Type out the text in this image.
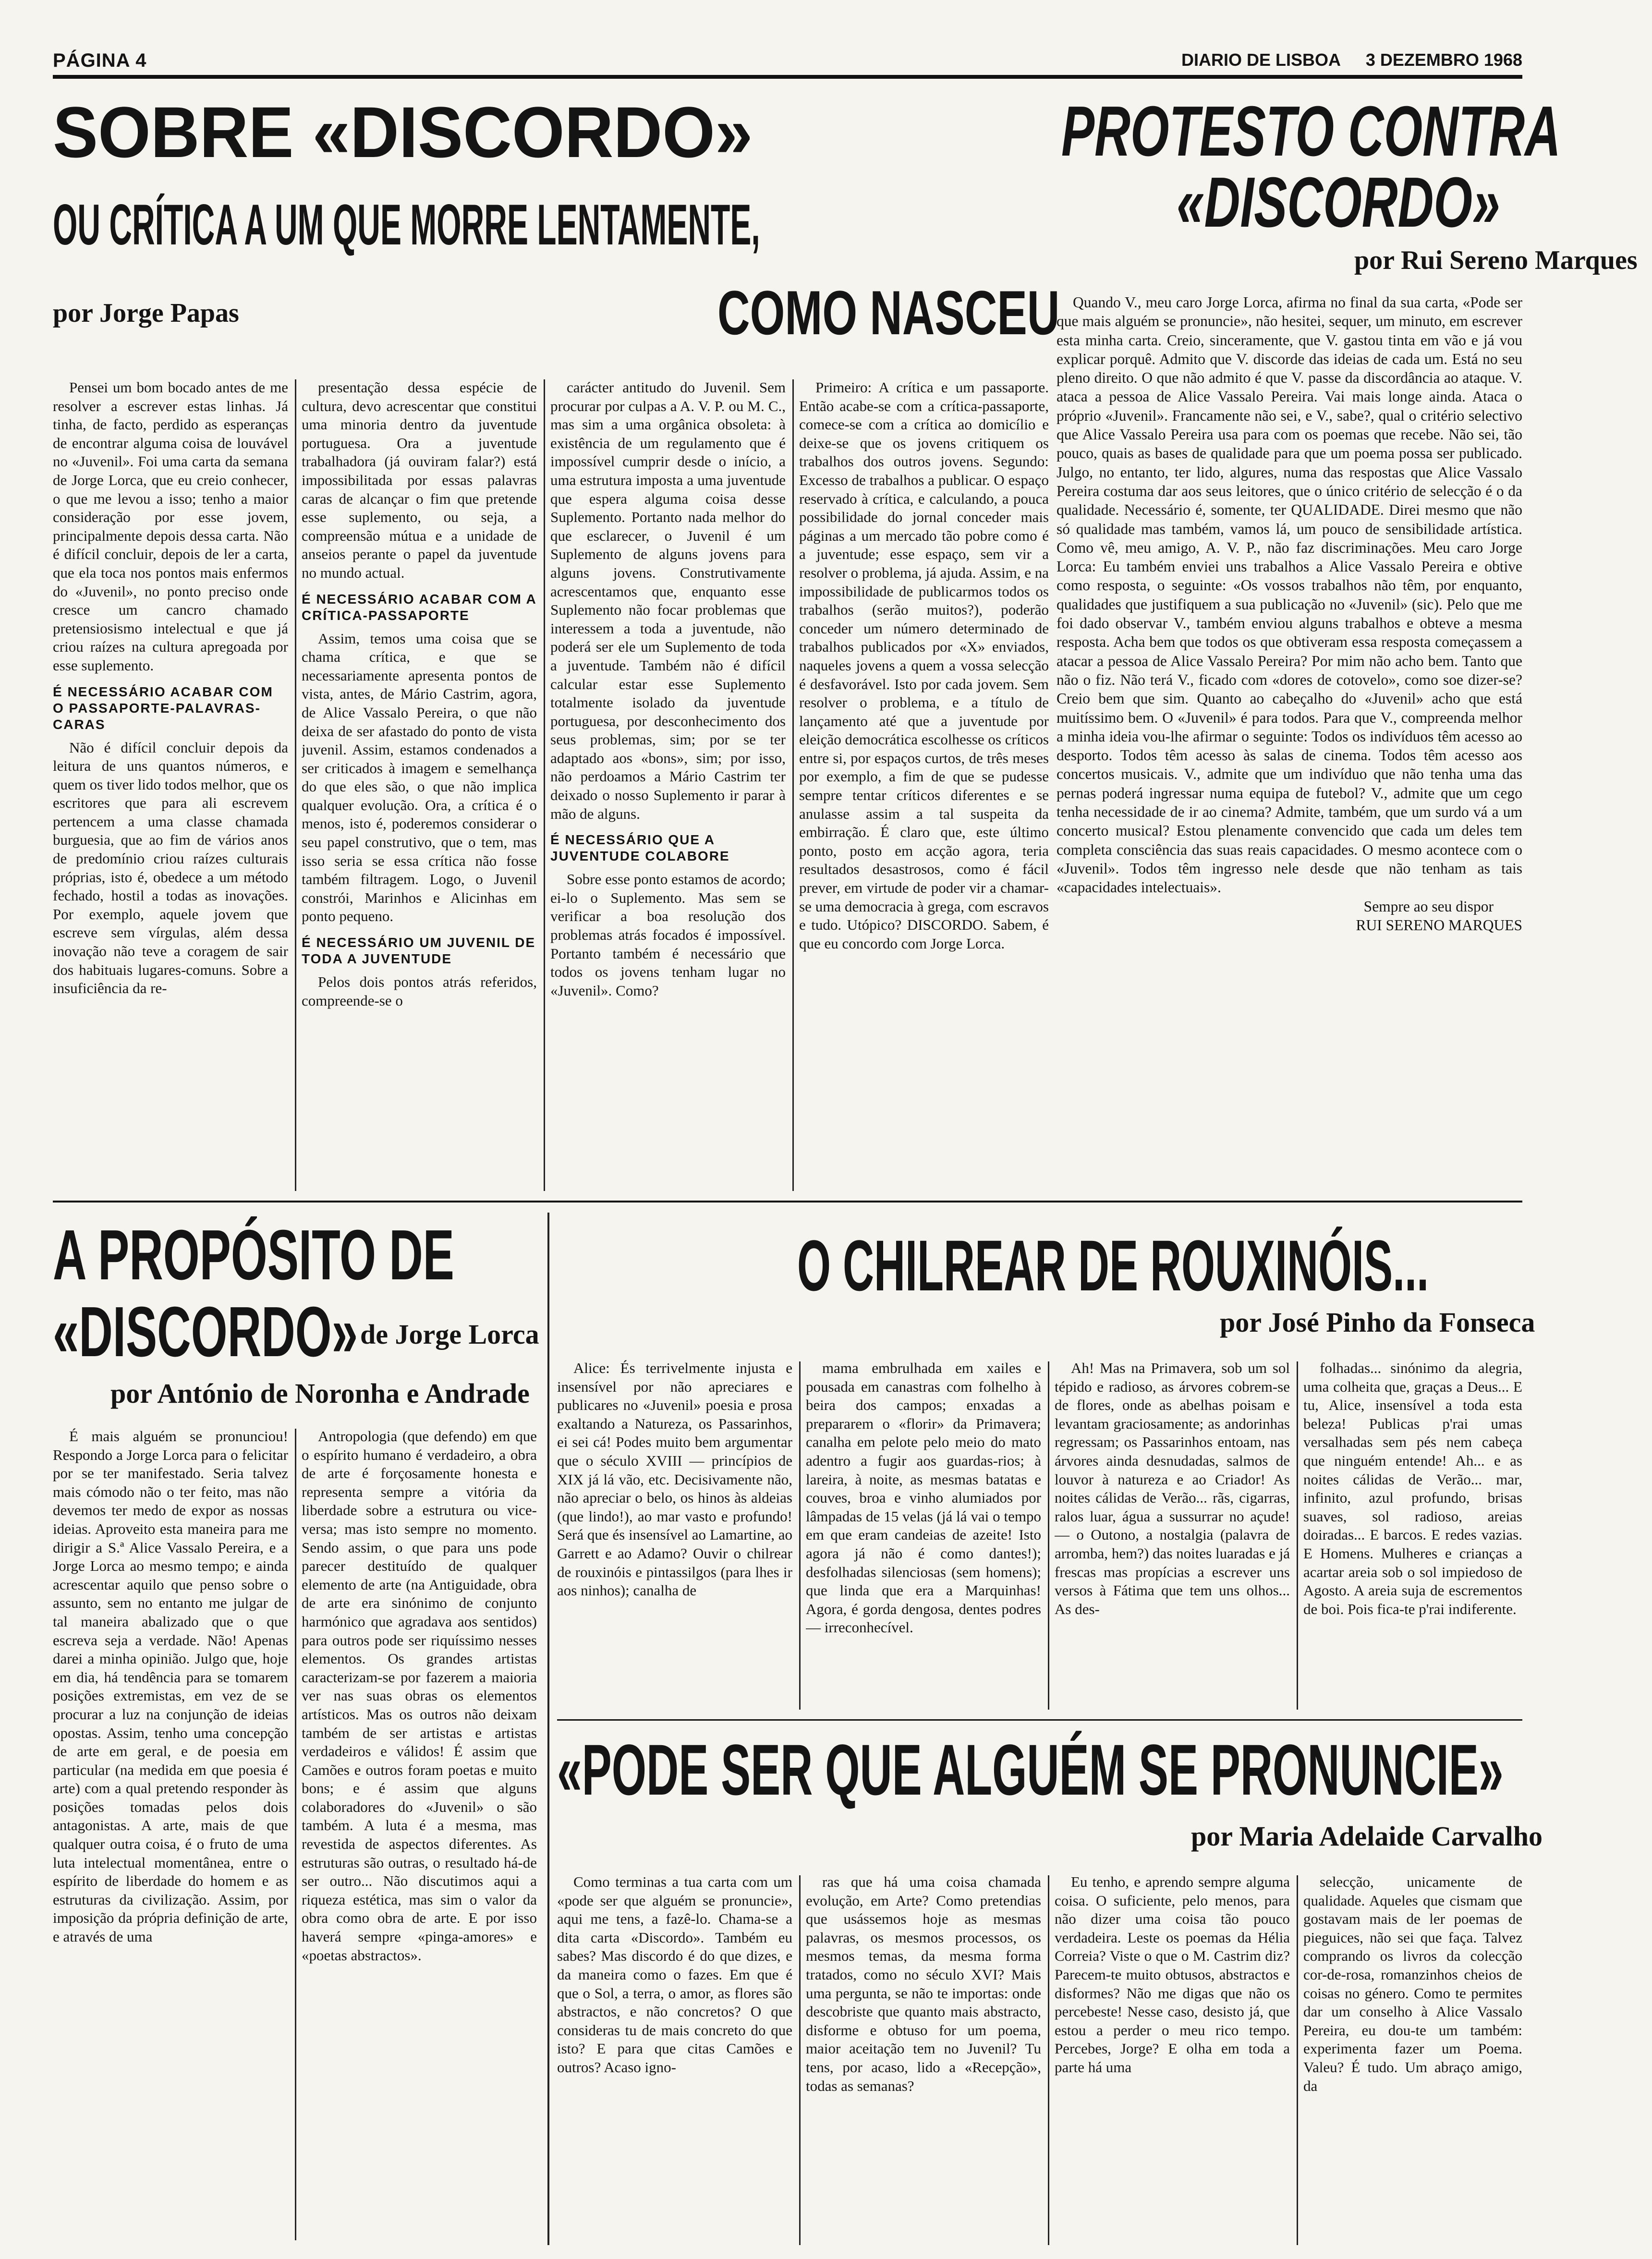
PÁGINA 4	DIARIO DE LISBOA 3 DEZEMBRO 1968
SOBRE «DISCORDO»
OU CRÍTICA A UM QUE MORRE LENTAMENTE,
por Jorge Papas	COMO NASCEU

Pensei um bom bocado antes de me resolver a escrever estas linhas. Já tinha, de facto, perdido as esperanças de encontrar alguma coisa de louvável no «Juvenil». Foi uma carta da semana de Jorge Lorca, que eu creio conhecer, o que me levou a isso; tenho a maior consideração por esse jovem, principalmente depois dessa carta. Não é difícil concluir, depois de ler a carta, que ela toca nos pontos mais enfermos do «Juvenil», no ponto preciso onde cresce um cancro chamado pretensiosismo intelectual e que já criou raízes na cultura apregoada por esse suplemento.

É NECESSÁRIO ACABAR COM O PASSAPORTE-PALAVRAS-CARAS

Não é difícil concluir depois da leitura de uns quantos números, e quem os tiver lido todos melhor, que os escritores que para ali escrevem pertencem a uma classe chamada burguesia, que ao fim de vários anos de predomínio criou raízes culturais próprias, isto é, obedece a um método fechado, hostil a todas as inovações. Por exemplo, aquele jovem que escreve sem vírgulas, além dessa inovação não teve a coragem de sair dos habituais lugares-comuns. Sobre a insuficiência da re-

presentação dessa espécie de cultura, devo acrescentar que constitui uma minoria dentro da juventude portuguesa. Ora a juventude trabalhadora (já ouviram falar?) está impossibilitada por essas palavras caras de alcançar o fim que pretende esse suplemento, ou seja, a compreensão mútua e a unidade de anseios perante o papel da juventude no mundo actual.

É NECESSÁRIO ACABAR COM A CRÍTICA-PASSAPORTE

Assim, temos uma coisa que se chama crítica, e que se necessariamente apresenta pontos de vista, antes, de Mário Castrim, agora, de Alice Vassalo Pereira, o que não deixa de ser afastado do ponto de vista juvenil. Assim, estamos condenados a ser criticados à imagem e semelhança do que eles são, o que não implica qualquer evolução. Ora, a crítica é o menos, isto é, poderemos considerar o seu papel construtivo, que o tem, mas isso seria se essa crítica não fosse também filtragem. Logo, o Juvenil constrói, Marinhos e Alicinhas em ponto pequeno.

É NECESSÁRIO UM JUVENIL DE TODA A JUVENTUDE

Pelos dois pontos atrás referidos, compreende-se o

carácter antitudo do Juvenil. Sem procurar por culpas a A. V. P. ou M. C., mas sim a uma orgânica obsoleta: à existência de um regulamento que é impossível cumprir desde o início, a uma estrutura imposta a uma juventude que espera alguma coisa desse Suplemento. Portanto nada melhor do que esclarecer, o Juvenil é um Suplemento de alguns jovens para alguns jovens. Construtivamente acrescentamos que, enquanto esse Suplemento não focar problemas que interessem a toda a juventude, não poderá ser ele um Suplemento de toda a juventude. Também não é difícil calcular estar esse Suplemento totalmente isolado da juventude portuguesa, por desconhecimento dos seus problemas, sim; por se ter adaptado aos «bons», sim; por isso, não perdoamos a Mário Castrim ter deixado o nosso Suplemento ir parar à mão de alguns.

É NECESSÁRIO QUE A JUVENTUDE COLABORE

Sobre esse ponto estamos de acordo; ei-lo o Suplemento. Mas sem se verificar a boa resolução dos problemas atrás focados é impossível. Portanto também é necessário que todos os jovens tenham lugar no «Juvenil». Como?

Primeiro: A crítica e um passaporte. Então acabe-se com a crítica-passaporte, comece-se com a crítica ao domicílio e deixe-se que os jovens critiquem os trabalhos dos outros jovens. Segundo: Excesso de trabalhos a publicar. O espaço reservado à crítica, e calculando, a pouca possibilidade do jornal conceder mais páginas a um mercado tão pobre como é a juventude; esse espaço, sem vir a resolver o problema, já ajuda. Assim, e na impossibilidade de publicarmos todos os trabalhos (serão muitos?), poderão conceder um número determinado de trabalhos publicados por «X» enviados, naqueles jovens a quem a vossa selecção é desfavorável. Isto por cada jovem. Sem resolver o problema, e a título de lançamento até que a juventude por eleição democrática escolhesse os críticos entre si, por espaços curtos, de três meses por exemplo, a fim de que se pudesse sempre tentar críticos diferentes e se anulasse assim a tal suspeita da embirração. É claro que, este último ponto, posto em acção agora, teria resultados desastrosos, como é fácil prever, em virtude de poder vir a chamar-se uma democracia à grega, com escravos e tudo. Utópico? DISCORDO. Sabem, é que eu concordo com Jorge Lorca.

PROTESTO CONTRA
«DISCORDO»
por Rui Sereno Marques

Quando V., meu caro Jorge Lorca, afirma no final da sua carta, «Pode ser que mais alguém se pronuncie», não hesitei, sequer, um minuto, em escrever esta minha carta. Creio, sinceramente, que V. gastou tinta em vão e já vou explicar porquê. Admito que V. discorde das ideias de cada um. Está no seu pleno direito. O que não admito é que V. passe da discordância ao ataque. V. ataca a pessoa de Alice Vassalo Pereira. Vai mais longe ainda. Ataca o próprio «Juvenil». Francamente não sei, e V., sabe?, qual o critério selectivo que Alice Vassalo Pereira usa para com os poemas que recebe. Não sei, tão pouco, quais as bases de qualidade para que um poema possa ser publicado. Julgo, no entanto, ter lido, algures, numa das respostas que Alice Vassalo Pereira costuma dar aos seus leitores, que o único critério de selecção é o da qualidade. Necessário é, somente, ter QUALIDADE. Direi mesmo que não só qualidade mas também, vamos lá, um pouco de sensibilidade artística. Como vê, meu amigo, A. V. P., não faz discriminações. Meu caro Jorge Lorca: Eu também enviei uns trabalhos a Alice Vassalo Pereira e obtive como resposta, o seguinte: «Os vossos trabalhos não têm, por enquanto, qualidades que justifiquem a sua publicação no «Juvenil» (sic). Pelo que me foi dado observar V., também enviou alguns trabalhos e obteve a mesma resposta. Acha bem que todos os que obtiveram essa resposta começassem a atacar a pessoa de Alice Vassalo Pereira? Por mim não acho bem. Tanto que não o fiz. Não terá V., ficado com «dores de cotovelo», como soe dizer-se? Creio bem que sim. Quanto ao cabeçalho do «Juvenil» acho que está muitíssimo bem. O «Juvenil» é para todos. Para que V., compreenda melhor a minha ideia vou-lhe afirmar o seguinte: Todos os indivíduos têm acesso ao desporto. Todos têm acesso às salas de cinema. Todos têm acesso aos concertos musicais. V., admite que um indivíduo que não tenha uma das pernas poderá ingressar numa equipa de futebol? V., admite que um cego tenha necessidade de ir ao cinema? Admite, também, que um surdo vá a um concerto musical? Estou plenamente convencido que cada um deles tem completa consciência das suas reais capacidades. O mesmo acontece com o «Juvenil». Todos têm ingresso nele desde que não tenham as tais «capacidades intelectuais».

Sempre ao seu dispor

RUI SERENO MARQUES

A PROPÓSITO DE
«DISCORDO» de Jorge Lorca
por António de Noronha e Andrade

É mais alguém se pronunciou! Respondo a Jorge Lorca para o felicitar por se ter manifestado. Seria talvez mais cómodo não o ter feito, mas não devemos ter medo de expor as nossas ideias. Aproveito esta maneira para me dirigir a S.ª Alice Vassalo Pereira, e a Jorge Lorca ao mesmo tempo; e ainda acrescentar aquilo que penso sobre o assunto, sem no entanto me julgar de tal maneira abalizado que o que escreva seja a verdade. Não! Apenas darei a minha opinião. Julgo que, hoje em dia, há tendência para se tomarem posições extremistas, em vez de se procurar a luz na conjunção de ideias opostas. Assim, tenho uma concepção de arte em geral, e de poesia em particular (na medida em que poesia é arte) com a qual pretendo responder às posições tomadas pelos dois antagonistas. A arte, mais de que qualquer outra coisa, é o fruto de uma luta intelectual momentânea, entre o espírito de liberdade do homem e as estruturas da civilização. Assim, por imposição da própria definição de arte, e através de uma

Antropologia (que defendo) em que o espírito humano é verdadeiro, a obra de arte é forçosamente honesta e representa sempre a vitória da liberdade sobre a estrutura ou vice-versa; mas isto sempre no momento. Sendo assim, o que para uns pode parecer destituído de qualquer elemento de arte (na Antiguidade, obra de arte era sinónimo de conjunto harmónico que agradava aos sentidos) para outros pode ser riquíssimo nesses elementos. Os grandes artistas caracterizam-se por fazerem a maioria ver nas suas obras os elementos artísticos. Mas os outros não deixam também de ser artistas e artistas verdadeiros e válidos! É assim que Camões e outros foram poetas e muito bons; e é assim que alguns colaboradores do «Juvenil» o são também. A luta é a mesma, mas revestida de aspectos diferentes. As estruturas são outras, o resultado há-de ser outro... Não discutimos aqui a riqueza estética, mas sim o valor da obra como obra de arte. E por isso haverá sempre «pinga-amores» e «poetas abstractos».

O CHILREAR DE ROUXINÓIS...
por José Pinho da Fonseca

Alice: És terrivelmente injusta e insensível por não apreciares e publicares no «Juvenil» poesia e prosa exaltando a Natureza, os Passarinhos, ei sei cá! Podes muito bem argumentar que o século XVIII — princípios de XIX já lá vão, etc. Decisivamente não, não apreciar o belo, os hinos às aldeias (que lindo!), ao mar vasto e profundo! Será que és insensível ao Lamartine, ao Garrett e ao Adamo? Ouvir o chilrear de rouxinóis e pintassilgos (para lhes ir aos ninhos); canalha de

mama embrulhada em xailes e pousada em canastras com folhelho à beira dos campos; enxadas a prepararem o «florir» da Primavera; canalha em pelote pelo meio do mato adentro a fugir aos guardas-rios; à lareira, à noite, as mesmas batatas e couves, broa e vinho alumiados por lâmpadas de 15 velas (já lá vai o tempo em que eram candeias de azeite! Isto agora já não é como dantes!); desfolhadas silenciosas (sem homens); que linda que era a Marquinhas! Agora, é gorda dengosa, dentes podres — irreconhecível.

Ah! Mas na Primavera, sob um sol tépido e radioso, as árvores cobrem-se de flores, onde as abelhas poisam e levantam graciosamente; as andorinhas regressam; os Passarinhos entoam, nas árvores ainda desnudadas, salmos de louvor à natureza e ao Criador! As noites cálidas de Verão... rãs, cigarras, ralos luar, água a sussurrar no açude! — o Outono, a nostalgia (palavra de arromba, hem?) das noites luaradas e já frescas mas propícias a escrever uns versos à Fátima que tem uns olhos... As des-

folhadas... sinónimo da alegria, uma colheita que, graças a Deus... E tu, Alice, insensível a toda esta beleza! Publicas p'rai umas versalhadas sem pés nem cabeça que ninguém entende! Ah... e as noites cálidas de Verão... mar, infinito, azul profundo, brisas suaves, sol radioso, areias doiradas... E barcos. E redes vazias. E Homens. Mulheres e crianças a acartar areia sob o sol impiedoso de Agosto. A areia suja de escrementos de boi. Pois fica-te p'rai indiferente.

«PODE SER QUE ALGUÉM SE PRONUNCIE»
por Maria Adelaide Carvalho

Como terminas a tua carta com um «pode ser que alguém se pronuncie», aqui me tens, a fazê-lo. Chama-se a dita carta «Discordo». Também eu sabes? Mas discordo é do que dizes, e da maneira como o fazes. Em que é que o Sol, a terra, o amor, as flores são abstractos, e não concretos? O que consideras tu de mais concreto do que isto? E para que citas Camões e outros? Acaso igno-

ras que há uma coisa chamada evolução, em Arte? Como pretendias que usássemos hoje as mesmas palavras, os mesmos processos, os mesmos temas, da mesma forma tratados, como no século XVI? Mais uma pergunta, se não te importas: onde descobriste que quanto mais abstracto, disforme e obtuso for um poema, maior aceitação tem no Juvenil? Tu tens, por acaso, lido a «Recepção», todas as semanas?

Eu tenho, e aprendo sempre alguma coisa. O suficiente, pelo menos, para não dizer uma coisa tão pouco verdadeira. Leste os poemas da Hélia Correia? Viste o que o M. Castrim diz? Parecem-te muito obtusos, abstractos e disformes? Não me digas que não os percebeste! Nesse caso, desisto já, que estou a perder o meu rico tempo. Percebes, Jorge? E olha em toda a parte há uma

selecção, unicamente de qualidade. Aqueles que cismam que gostavam mais de ler poemas de pieguices, não sei que faça. Talvez comprando os livros da colecção cor-de-rosa, romanzinhos cheios de coisas no género. Como te permites dar um conselho à Alice Vassalo Pereira, eu dou-te um também: experimenta fazer um Poema. Valeu? É tudo. Um abraço amigo, da
